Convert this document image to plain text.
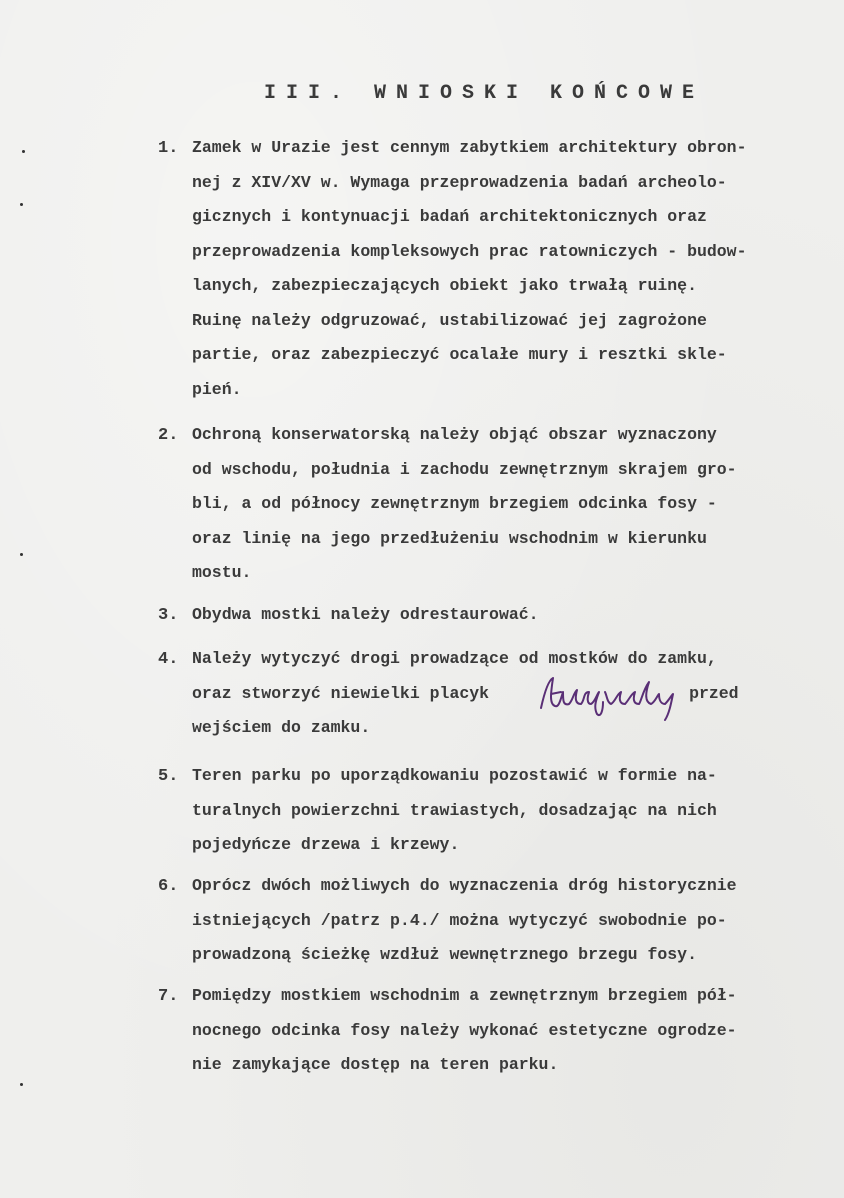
III. WNIOSKI KOŃCOWE
1. Zamek w Urazie jest cennym zabytkiem architektury obron-
nej z XIV/XV w. Wymaga przeprowadzenia badań archeolo-
gicznych i kontynuacji badań architektonicznych oraz
przeprowadzenia kompleksowych prac ratowniczych - budow-
lanych, zabezpieczających obiekt jako trwałą ruinę.
Ruinę należy odgruzować, ustabilizować jej zagrożone
partie, oraz zabezpieczyć ocalałe mury i resztki skle-
pień.
2. Ochroną konserwatorską należy objąć obszar wyznaczony
od wschodu, południa i zachodu zewnętrznym skrajem gro-
bli, a od północy zewnętrznym brzegiem odcinka fosy -
oraz linię na jego przedłużeniu wschodnim w kierunku
mostu.
3. Obydwa mostki należy odrestaurować.
4. Należy wytyczyć drogi prowadzące od mostków do zamku,
oraz stworzyć niewielki placyk	przed
wejściem do zamku.
5. Teren parku po uporządkowaniu pozostawić w formie na-
turalnych powierzchni trawiastych, dosadzając na nich
pojedyńcze drzewa i krzewy.
6. Oprócz dwóch możliwych do wyznaczenia dróg historycznie
istniejących /patrz p.4./ można wytyczyć swobodnie po-
prowadzoną ścieżkę wzdłuż wewnętrznego brzegu fosy.
7. Pomiędzy mostkiem wschodnim a zewnętrznym brzegiem pół-
nocnego odcinka fosy należy wykonać estetyczne ogrodze-
nie zamykające dostęp na teren parku.
